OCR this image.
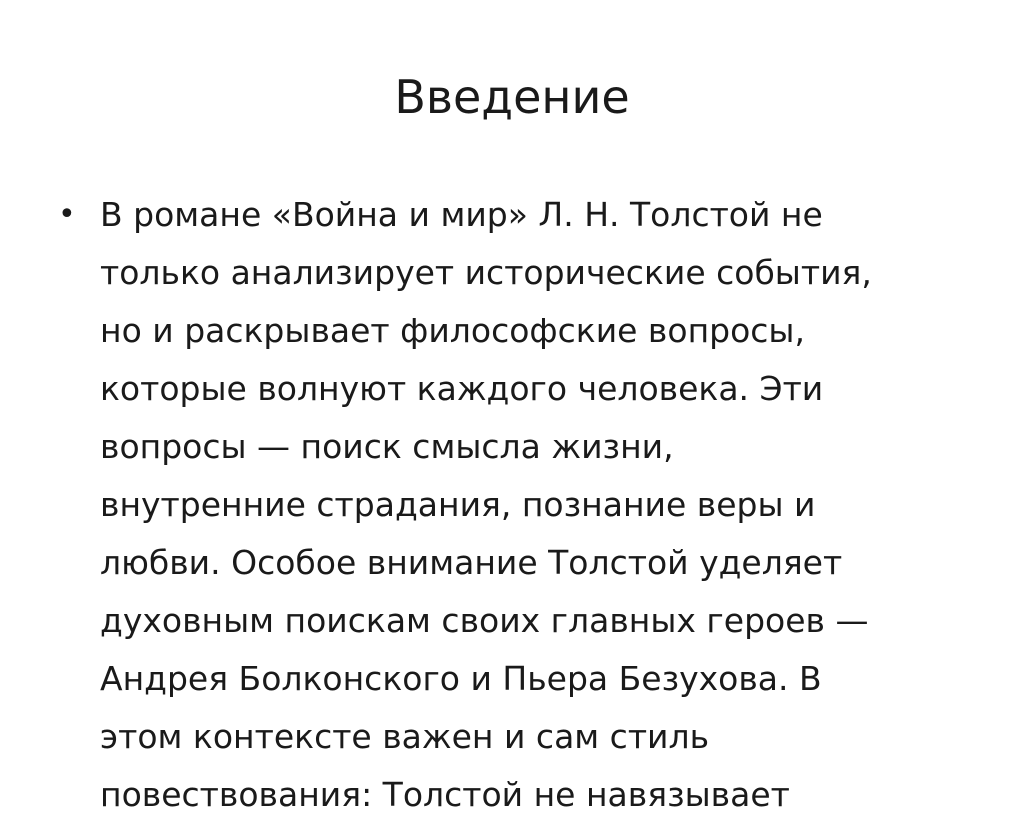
Введение
• В романе «Война и мир» Л. Н. Толстой не
только анализирует исторические события,
но и раскрывает философские вопросы,
которые волнуют каждого человека. Эти
вопросы — поиск смысла жизни,
внутренние страдания, познание веры и
любви. Особое внимание Толстой уделяет
духовным поискам своих главных героев —
Андрея Болконского и Пьера Безухова. В
этом контексте важен и сам стиль
повествования: Толстой не навязывает
